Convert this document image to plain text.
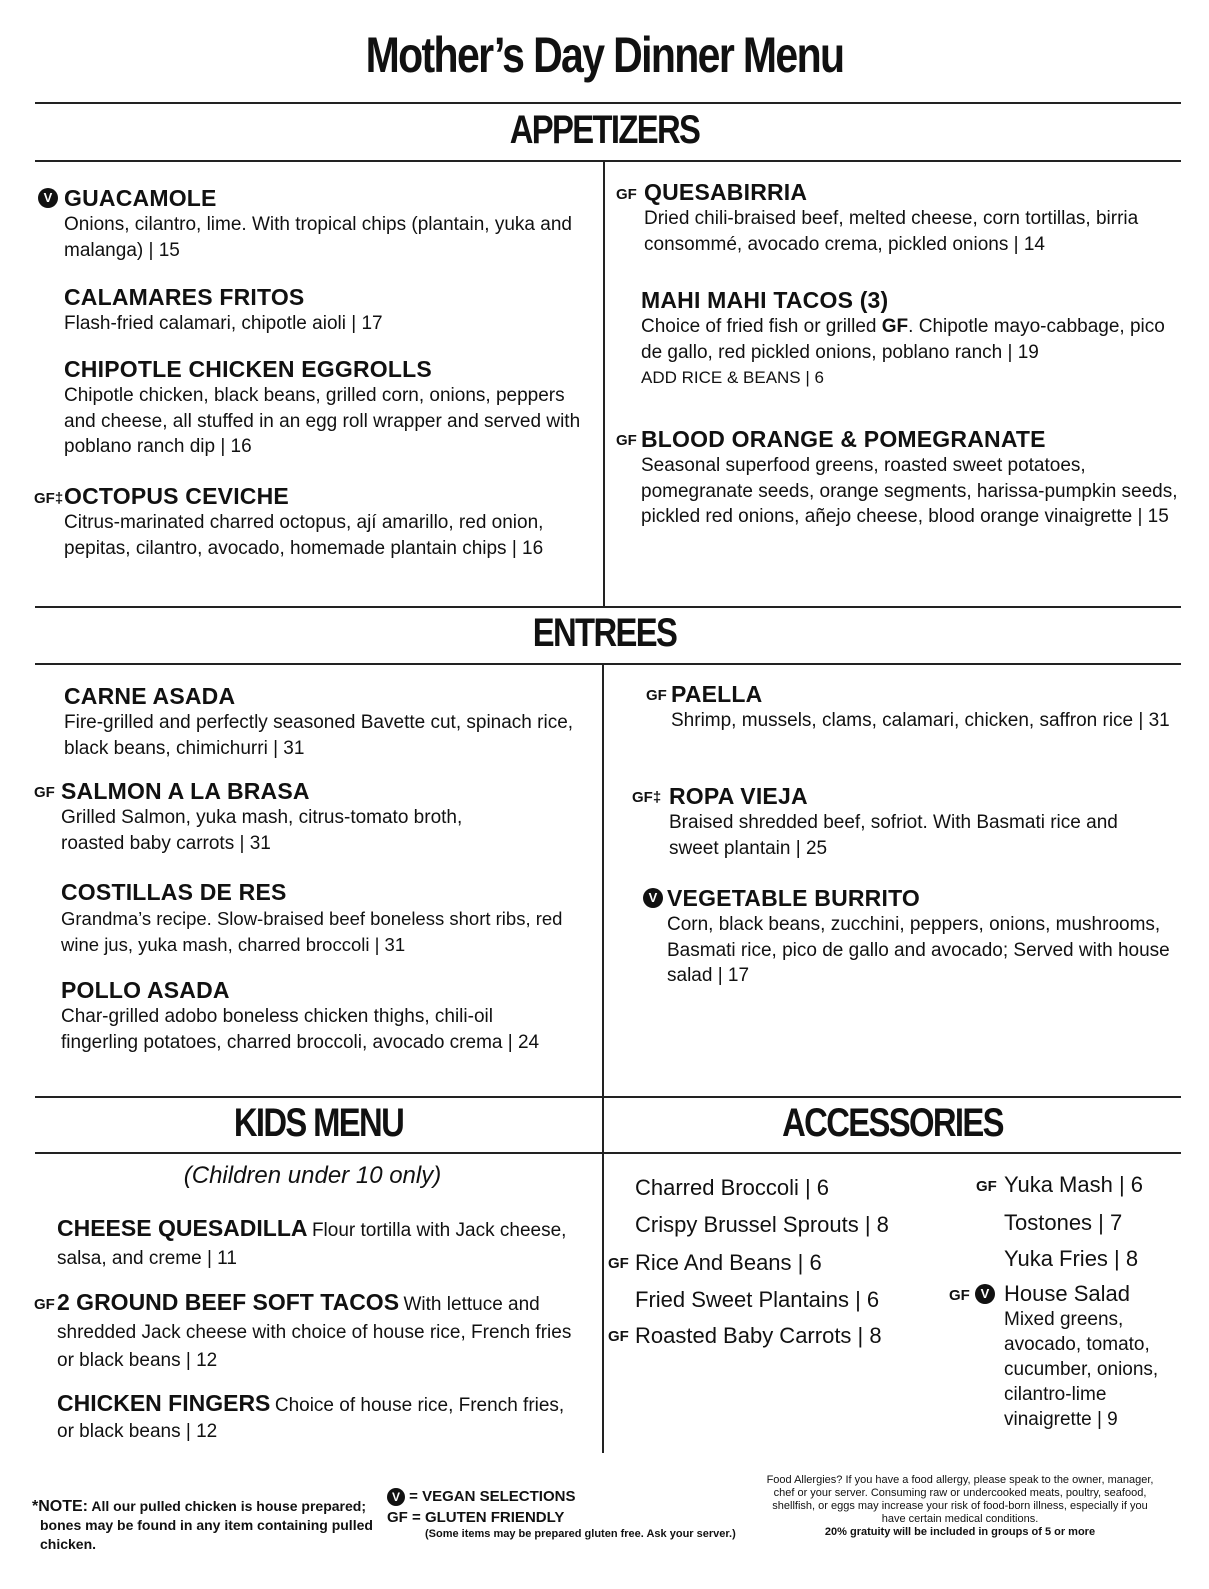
Mother’s Day Dinner Menu
APPETIZERS
ENTREES
KIDS MENU	ACCESSORIES
V GUACAMOLE
Onions, cilantro, lime. With tropical chips (plantain, yuka and malanga) | 15
CALAMARES FRITOS
Flash-fried calamari, chipotle aioli | 17
CHIPOTLE CHICKEN EGGROLLS
Chipotle chicken, black beans, grilled corn, onions, peppers and cheese, all stuffed in an egg roll wrapper and served with poblano ranch dip | 16
GF‡ OCTOPUS CEVICHE
Citrus-marinated charred octopus, ají amarillo, red onion, pepitas, cilantro, avocado, homemade plantain chips | 16
GF QUESABIRRIA
Dried chili-braised beef, melted cheese, corn tortillas, birria consommé, avocado crema, pickled onions | 14
MAHI MAHI TACOS (3)
Choice of fried fish or grilled GF. Chipotle mayo-cabbage, pico de gallo, red pickled onions, poblano ranch | 19
ADD RICE & BEANS | 6
GF BLOOD ORANGE & POMEGRANATE
Seasonal superfood greens, roasted sweet potatoes, pomegranate seeds, orange segments, harissa-pumpkin seeds, pickled red onions, añejo cheese, blood orange vinaigrette | 15
CARNE ASADA
Fire-grilled and perfectly seasoned Bavette cut, spinach rice, black beans, chimichurri | 31
GF SALMON A LA BRASA
Grilled Salmon, yuka mash, citrus-tomato broth, roasted baby carrots | 31
COSTILLAS DE RES
Grandma’s recipe. Slow-braised beef boneless short ribs, red wine jus, yuka mash, charred broccoli | 31
POLLO ASADA
Char-grilled adobo boneless chicken thighs, chili-oil fingerling potatoes, charred broccoli, avocado crema | 24
GF PAELLA
Shrimp, mussels, clams, calamari, chicken, saffron rice | 31
GF‡ ROPA VIEJA
Braised shredded beef, sofriot. With Basmati rice and sweet plantain | 25
V VEGETABLE BURRITO
Corn, black beans, zucchini, peppers, onions, mushrooms, Basmati rice, pico de gallo and avocado; Served with house salad | 17
(Children under 10 only)
CHEESE QUESADILLA Flour tortilla with Jack cheese, salsa, and creme | 11
GF 2 GROUND BEEF SOFT TACOS With lettuce and shredded Jack cheese with choice of house rice, French fries or black beans | 12
CHICKEN FINGERS Choice of house rice, French fries, or black beans | 12
GF
GF
Charred Broccoli | 6
Crispy Brussel Sprouts | 8
Rice And Beans | 6
Fried Sweet Plantains | 6
Roasted Baby Carrots | 8
GF Yuka Mash | 6
Tostones | 7
Yuka Fries | 8
GF V House Salad
Mixed greens, avocado, tomato, cucumber, onions, cilantro-lime vinaigrette | 9
*NOTE: All our pulled chicken is house prepared;
bones may be found in any item containing pulled chicken.
V = VEGAN SELECTIONS
GF = GLUTEN FRIENDLY
(Some items may be prepared gluten free. Ask your server.)
Food Allergies? If you have a food allergy, please speak to the owner, manager, chef or your server. Consuming raw or undercooked meats, poultry, seafood, shellfish, or eggs may increase your risk of food-born illness, especially if you have certain medical conditions.
20% gratuity will be included in groups of 5 or more
